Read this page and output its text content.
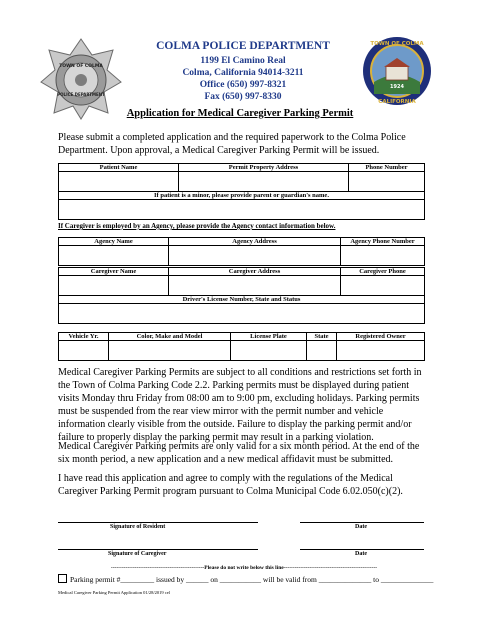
TOWN OF COLMA
POLICE DEPARTMENT
TOWN OF COLMA
CALIFORNIA
1924
COLMA POLICE DEPARTMENT
1199 El Camino Real
Colma, California 94014-3211
Office (650) 997-8321
Fax (650) 997-8330
Application for Medical Caregiver Parking Permit
Please submit a completed application and the required paperwork to the Colma Police Department. Upon approval, a Medical Caregiver Parking Permit will be issued.
Patient Name	Permit Property Address	Phone Number

If patient is a minor, please provide parent or guardian's name.		

If Caregiver is employed by an Agency, please provide the Agency contact information below.
Agency Name	Agency Address	Agency Phone Number

Caregiver Name	Caregiver Address	Caregiver Phone

Driver's License Number, State and Status		

Vehicle Yr.	Color, Make and Model	License Plate	State	Registered Owner

Medical Caregiver Parking Permits are subject to all conditions and restrictions set forth in the Town of Colma Parking Code 2.2. Parking permits must be displayed during patient visits Monday thru Friday from 08:00 am to 9:00 pm, excluding holidays. Parking permits must be suspended from the rear view mirror with the permit number and vehicle information clearly visible from the outside. Failure to display the parking permit and/or failure to properly display the parking permit may result in a parking violation.
Medical Caregiver Parking permits are only valid for a six month period. At the end of the six month period, a new application and a new medical affidavit must be submitted.
I have read this application and agree to comply with the regulations of the Medical Caregiver Parking Permit program pursuant to Colma Municipal Code 6.02.050(c)(2).
Signature of Resident	Date
Signature of Caregiver	Date
---------------------------------------------------Please do not write below this line---------------------------------------------------
Parking permit #_________ issued by ______ on ___________ will be valid from ______________ to ______________
Medical Caregiver Parking Permit Application 01/28/2019 cel
